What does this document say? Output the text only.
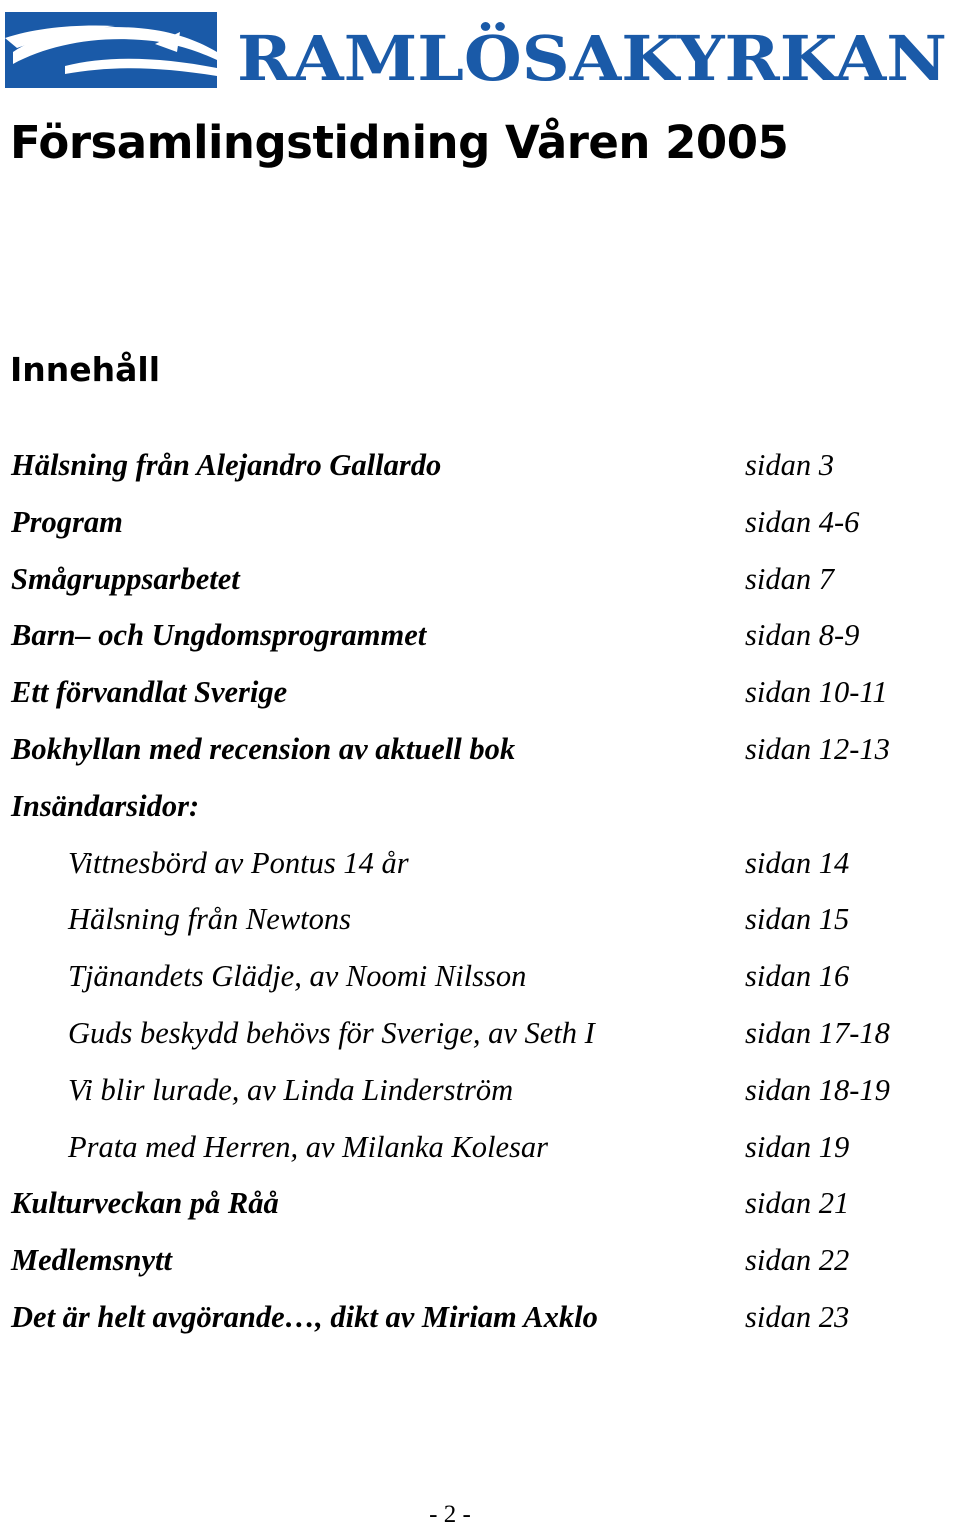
RAMLÖSAKYRKAN
Församlingstidning Våren 2005
Innehåll
Hälsning från Alejandro Gallardo	sidan 3
Program	sidan 4-6
Smågruppsarbetet	sidan 7
Barn– och Ungdomsprogrammet	sidan 8-9
Ett förvandlat Sverige	sidan 10-11
Bokhyllan med recension av aktuell bok	sidan 12-13
Insändarsidor:
Vittnesbörd av Pontus 14 år	sidan 14
Hälsning från Newtons	sidan 15
Tjänandets Glädje, av Noomi Nilsson	sidan 16
Guds beskydd behövs för Sverige, av Seth I	sidan 17-18
Vi blir lurade, av Linda Linderström	sidan 18-19
Prata med Herren, av Milanka Kolesar	sidan 19
Kulturveckan på Råå	sidan 21
Medlemsnytt	sidan 22
Det är helt avgörande…, dikt av Miriam Axklo	sidan 23
- 2 -
